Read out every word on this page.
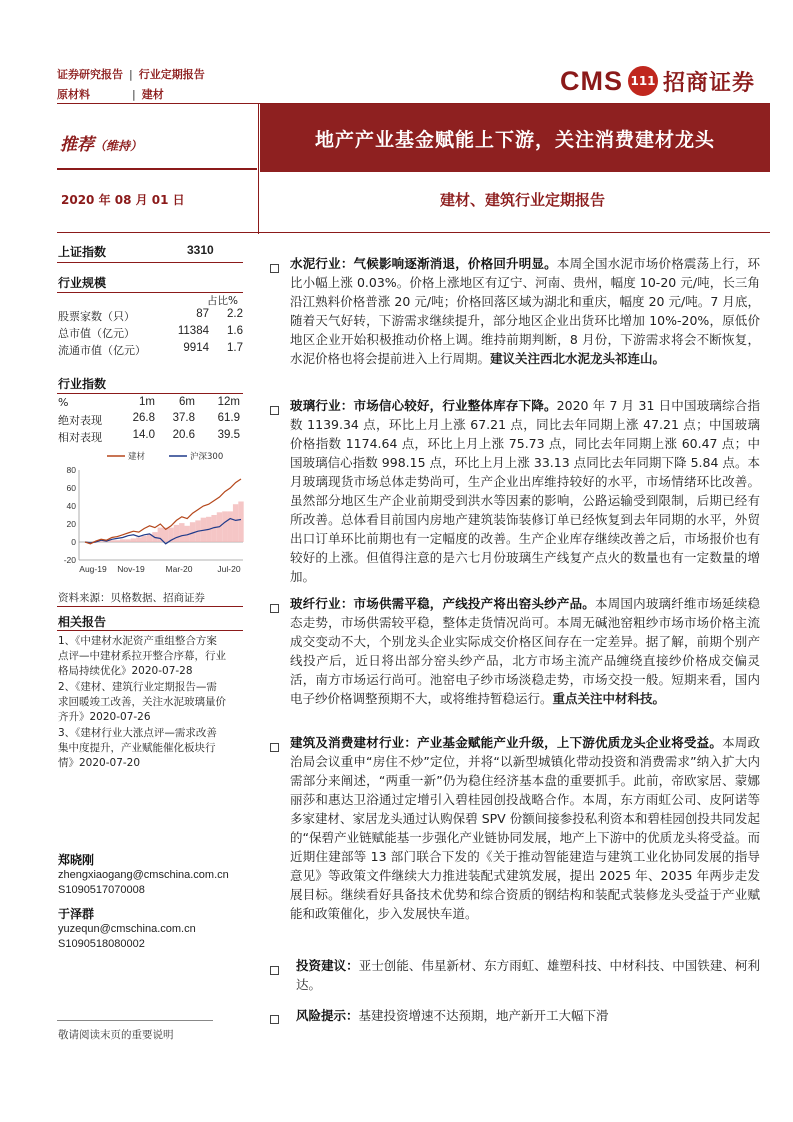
证券研究报告 | 行业定期报告
原材料	| 建材	CMS 111 招商证券
推荐（维持）	地产产业基金赋能上下游，关注消费建材龙头
2020 年 08 月 01 日	建材、建筑行业定期报告
上证指数	3310
行业规模
占比%
股票家数（只）	87	2.2
总市值（亿元）	11384	1.6
流通市值（亿元）	9914	1.7
行业指数
%	1m	6m	12m
绝对表现	26.8	37.8	61.9
相对表现	14.0	20.6	39.5
80
60
40
20
0
-20
Aug-19 Nov-19 Mar-20	Jul-20
建材	沪深300
资料来源：贝格数据、招商证券
相关报告
1、《中建材水泥资产重组整合方案
点评—中建材系拉开整合序幕，行业
格局持续优化》2020-07-28
2、《建材、建筑行业定期报告—需
求回暖竣工改善，关注水泥玻璃量价
齐升》2020-07-26
3、《建材行业大涨点评—需求改善
集中度提升，产业赋能催化板块行
情》2020-07-20
郑晓刚
zhengxiaogang@cmschina.com.cn
S1090517070008
于泽群
yuzequn@cmschina.com.cn
S1090518080002
水泥行业：气候影响逐渐消退，价格回升明显。本周全国水泥市场价格震荡上行，环比小幅上涨 0.03%。价格上涨地区有辽宁、河南、贵州，幅度 10-20 元/吨，长三角沿江熟料价格普涨 20 元/吨；价格回落区域为湖北和重庆，幅度 20 元/吨。7 月底，随着天气好转，下游需求继续提升，部分地区企业出货环比增加 10%-20%，原低价地区企业开始积极推动价格上调。维持前期判断，8 月份，下游需求将会不断恢复，水泥价格也将会提前进入上行周期。建议关注西北水泥龙头祁连山。
玻璃行业：市场信心较好，行业整体库存下降。2020 年 7 月 31 日中国玻璃综合指数 1139.34 点，环比上月上涨 67.21 点，同比去年同期上涨 47.21 点；中国玻璃价格指数 1174.64 点，环比上月上涨 75.73 点，同比去年同期上涨 60.47 点；中国玻璃信心指数 998.15 点，环比上月上涨 33.13 点同比去年同期下降 5.84 点。本月玻璃现货市场总体走势尚可，生产企业出库维持较好的水平，市场情绪环比改善。虽然部分地区生产企业前期受到洪水等因素的影响，公路运输受到限制，后期已经有所改善。总体看目前国内房地产建筑装饰装修订单已经恢复到去年同期的水平，外贸出口订单环比前期也有一定幅度的改善。生产企业库存继续改善之后，市场报价也有较好的上涨。但值得注意的是六七月份玻璃生产线复产点火的数量也有一定数量的增加。
玻纤行业：市场供需平稳，产线投产将出窑头纱产品。本周国内玻璃纤维市场延续稳态走势，市场供需较平稳，整体走货情况尚可。本周无碱池窑粗纱市场市场价格主流成交变动不大，个别龙头企业实际成交价格区间存在一定差异。据了解，前期个别产线投产后，近日将出部分窑头纱产品，北方市场主流产品缠绕直接纱价格成交偏灵活，南方市场运行尚可。池窑电子纱市场淡稳走势，市场交投一般。短期来看，国内电子纱价格调整预期不大，或将维持暂稳运行。重点关注中材科技。
建筑及消费建材行业：产业基金赋能产业升级，上下游优质龙头企业将受益。本周政治局会议重申“房住不炒”定位，并将“以新型城镇化带动投资和消费需求”纳入扩大内需部分来阐述，“两重一新”仍为稳住经济基本盘的重要抓手。此前，帝欧家居、蒙娜丽莎和惠达卫浴通过定增引入碧桂园创投战略合作。本周，东方雨虹公司、皮阿诺等多家建材、家居龙头通过认购保碧 SPV 份额间接参投私利资本和碧桂园创投共同发起的“保碧产业链赋能基一步强化产业链协同发展，地产上下游中的优质龙头将受益。而近期住建部等 13 部门联合下发的《关于推动智能建造与建筑工业化协同发展的指导意见》等政策文件继续大力推进装配式建筑发展，提出 2025 年、2035 年两步走发展目标。继续看好具备技术优势和综合资质的钢结构和装配式装修龙头受益于产业赋能和政策催化，步入发展快车道。
投资建议：亚士创能、伟星新材、东方雨虹、雄塑科技、中材科技、中国铁建、柯利达。
风险提示：基建投资增速不达预期，地产新开工大幅下滑
敬请阅读末页的重要说明
